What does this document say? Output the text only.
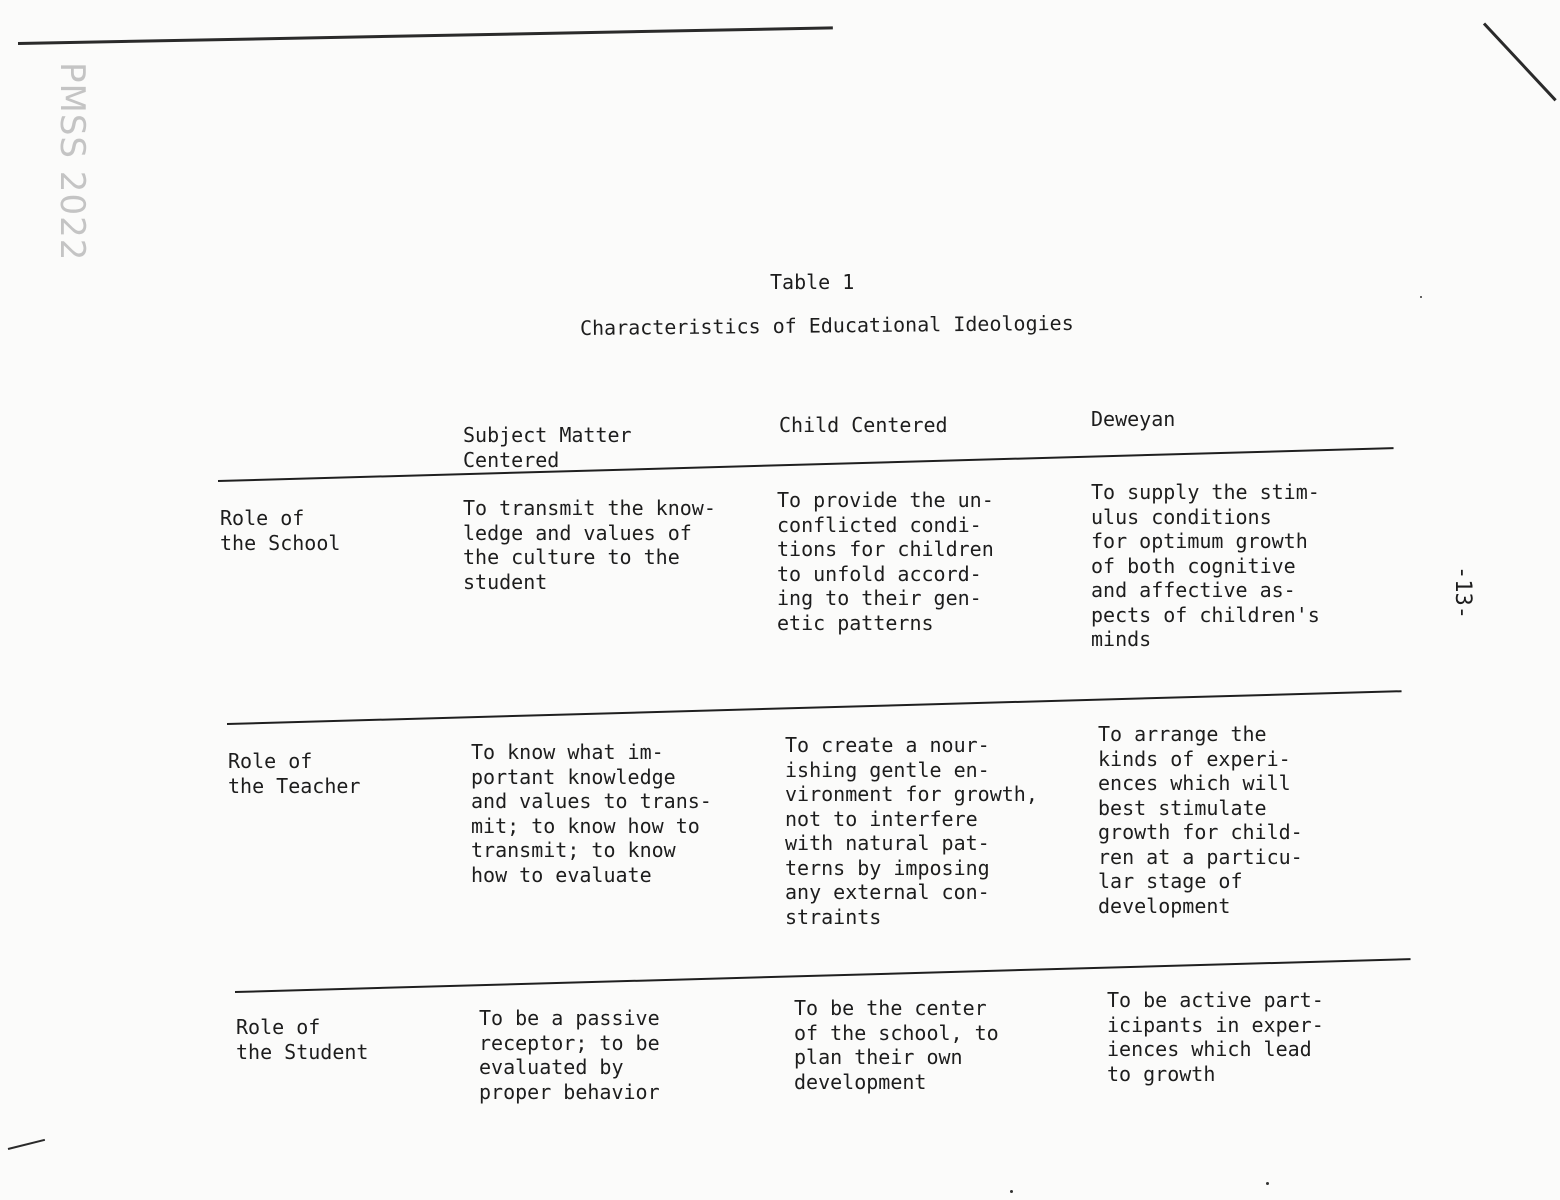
PMSS 2022
-13-
Table 1
Characteristics of Educational Ideologies
Subject Matter
Centered
Child Centered	Deweyan
Role of
the School
To transmit the know-
ledge and values of
the culture to the
student
To provide the un-
conflicted condi-
tions for children
to unfold accord-
ing to their gen-
etic patterns
To supply the stim-
ulus conditions
for optimum growth
of both cognitive
and affective as-
pects of children's
minds
Role of
the Teacher
To know what im-
portant knowledge
and values to trans-
mit; to know how to
transmit; to know
how to evaluate
To create a nour-
ishing gentle en-
vironment for growth,
not to interfere
with natural pat-
terns by imposing
any external con-
straints
To arrange the
kinds of experi-
ences which will
best stimulate
growth for child-
ren at a particu-
lar stage of
development
Role of
the Student
To be a passive
receptor; to be
evaluated by
proper behavior
To be the center
of the school, to
plan their own
development
To be active part-
icipants in exper-
iences which lead
to growth
